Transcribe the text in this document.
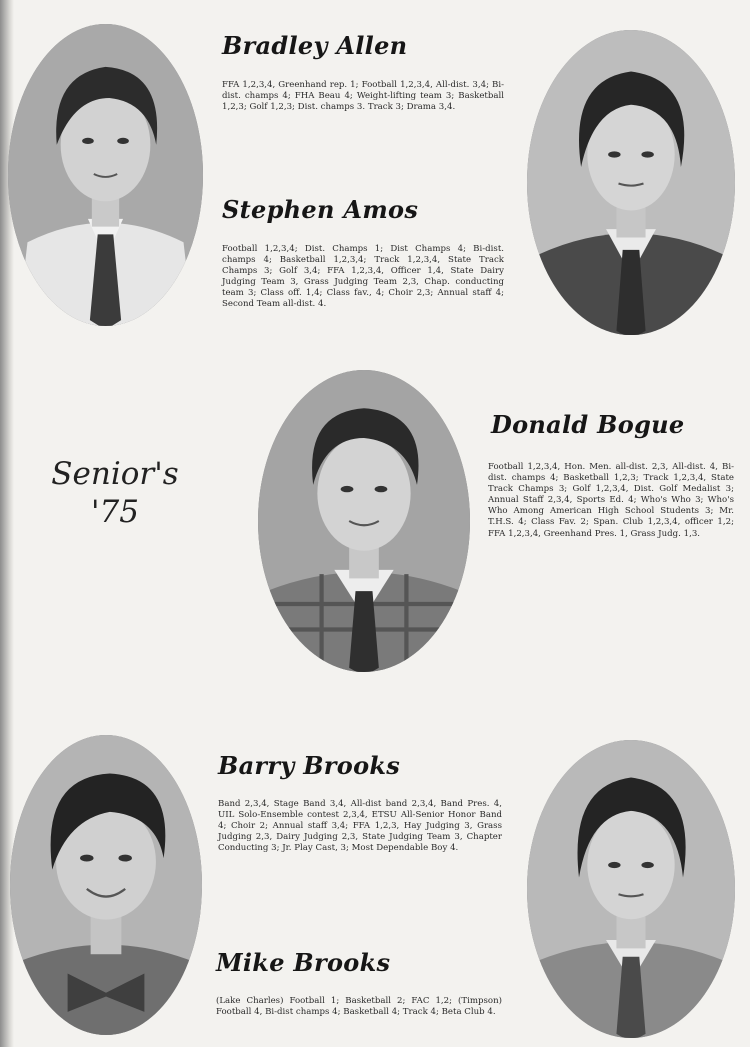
Senior's
'75
Bradley Allen

FFA 1,2,3,4, Greenhand rep. 1; Football 1,2,3,4, All-dist. 3,4; Bi-dist. champs 4; FHA Beau 4; Weight-lifting team 3; Basketball 1,2,3; Golf 1,2,3; Dist. champs 3. Track 3; Drama 3,4.

Stephen Amos

Football 1,2,3,4; Dist. Champs 1; Dist Champs 4; Bi-dist. champs 4; Basketball 1,2,3,4; Track 1,2,3,4, State Track Champs 3; Golf 3,4; FFA 1,2,3,4, Officer 1,4, State Dairy Judging Team 3, Grass Judging Team 2,3, Chap. conducting team 3; Class off. 1,4; Class fav., 4; Choir 2,3; Annual staff 4; Second Team all-dist. 4.

Donald Bogue

Football 1,2,3,4, Hon. Men. all-dist. 2,3, All-dist. 4, Bi-dist. champs 4; Basketball 1,2,3; Track 1,2,3,4, State Track Champs 3; Golf 1,2,3,4, Dist. Golf Medalist 3; Annual Staff 2,3,4, Sports Ed. 4; Who's Who 3; Who's Who Among American High School Students 3; Mr. T.H.S. 4; Class Fav. 2; Span. Club 1,2,3,4, officer 1,2; FFA 1,2,3,4, Greenhand Pres. 1, Grass Judg. 1,3.

Barry Brooks

Band 2,3,4, Stage Band 3,4, All-dist band 2,3,4, Band Pres. 4, UIL Solo-Ensemble contest 2,3,4, ETSU All-Senior Honor Band 4; Choir 2; Annual staff 3,4; FFA 1,2,3, Hay Judging 3, Grass Judging 2,3, Dairy Judging 2,3, State Judging Team 3, Chapter Conducting 3; Jr. Play Cast, 3; Most Dependable Boy 4.

Mike Brooks

(Lake Charles) Football 1; Basketball 2; FAC 1,2; (Timpson) Football 4, Bi-dist champs 4; Basketball 4; Track 4; Beta Club 4.
